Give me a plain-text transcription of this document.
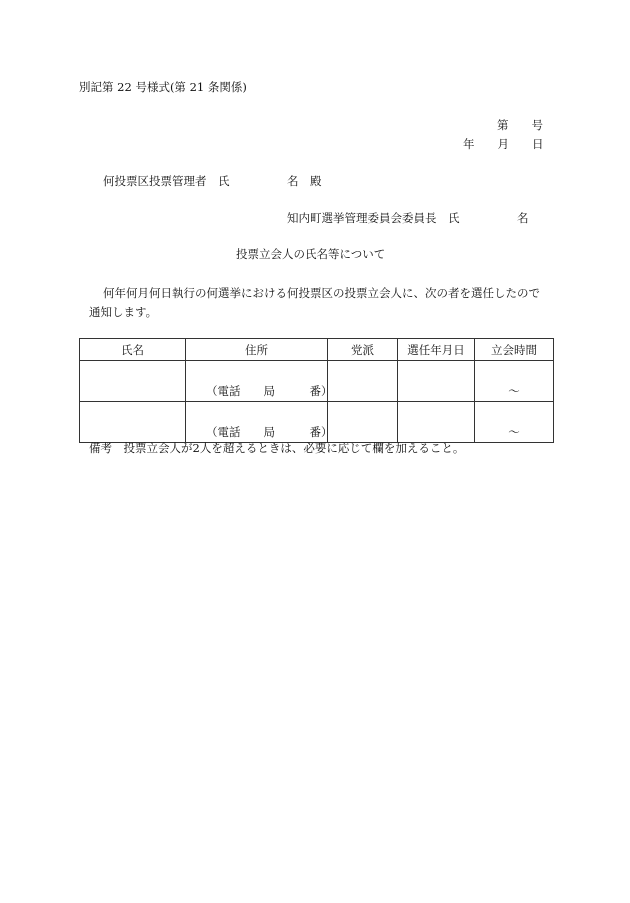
別記第 22 号様式(第 21 条関係)
第　　号
年　　月　　日
何投票区投票管理者　氏　　　　　名　殿
知内町選挙管理委員会委員長　氏　　　　　名
投票立会人の氏名等について
何年何月何日執行の何選挙における何投票区の投票立会人に、次の者を選任したので
通知します。
氏名	住所	党派	選任年月日	立会時間
	（電話　　局　　　番）			～
	（電話　　局　　　番）			～
備考　投票立会人が2人を超えるときは、必要に応じて欄を加えること。
